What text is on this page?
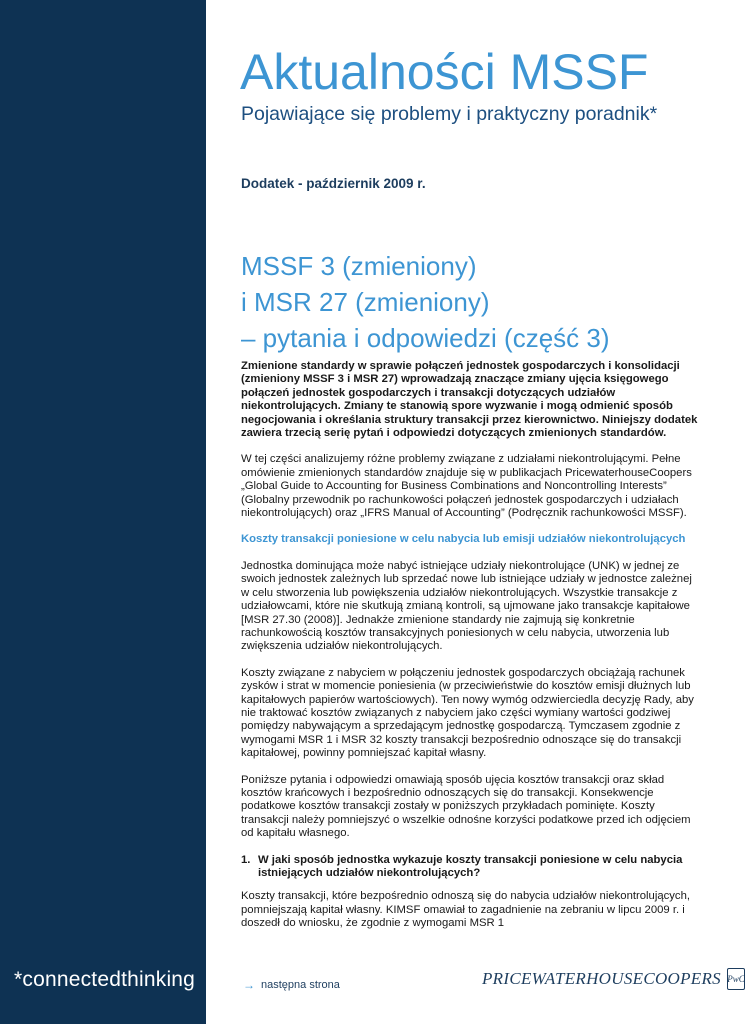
*connectedthinking
Aktualności MSSF
Pojawiające się problemy i praktyczny poradnik*
Dodatek - październik 2009 r.
MSSF 3 (zmieniony)
i MSR 27 (zmieniony)
– pytania i odpowiedzi (część 3)

Zmienione standardy w sprawie połączeń jednostek gospodarczych i konsolidacji (zmieniony MSSF 3 i MSR 27) wprowadzają znaczące zmiany ujęcia księgowego połączeń jednostek gospodarczych i transakcji dotyczących udziałów niekontrolujących. Zmiany te stanowią spore wyzwanie i mogą odmienić sposób negocjowania i określania struktury transakcji przez kierownictwo. Niniejszy dodatek zawiera trzecią serię pytań i odpowiedzi dotyczących zmienionych standardów.

W tej części analizujemy różne problemy związane z udziałami niekontrolującymi. Pełne omówienie zmienionych standardów znajduje się w publikacjach PricewaterhouseCoopers „Global Guide to Accounting for Business Combinations and Noncontrolling Interests” (Globalny przewodnik po rachunkowości połączeń jednostek gospodarczych i udziałach niekontrolujących) oraz „IFRS Manual of Accounting” (Podręcznik rachunkowości MSSF).

Koszty transakcji poniesione w celu nabycia lub emisji udziałów niekontrolujących

Jednostka dominująca może nabyć istniejące udziały niekontrolujące (UNK) w jednej ze swoich jednostek zależnych lub sprzedać nowe lub istniejące udziały w jednostce zależnej w celu stworzenia lub powiększenia udziałów niekontrolujących. Wszystkie transakcje z udziałowcami, które nie skutkują zmianą kontroli, są ujmowane jako transakcje kapitałowe [MSR 27.30 (2008)]. Jednakże zmienione standardy nie zajmują się konkretnie rachunkowością kosztów transakcyjnych poniesionych w celu nabycia, utworzenia lub zwiększenia udziałów niekontrolujących.

Koszty związane z nabyciem w połączeniu jednostek gospodarczych obciążają rachunek zysków i strat w momencie poniesienia (w przeciwieństwie do kosztów emisji dłużnych lub kapitałowych papierów wartościowych). Ten nowy wymóg odzwierciedla decyzję Rady, aby nie traktować kosztów związanych z nabyciem jako części wymiany wartości godziwej pomiędzy nabywającym a sprzedającym jednostkę gospodarczą. Tymczasem zgodnie z wymogami MSR 1 i MSR 32 koszty transakcji bezpośrednio odnoszące się do transakcji kapitałowej, powinny pomniejszać kapitał własny.

Poniższe pytania i odpowiedzi omawiają sposób ujęcia kosztów transakcji oraz skład kosztów krańcowych i bezpośrednio odnoszących się do transakcji. Konsekwencje podatkowe kosztów transakcji zostały w poniższych przykładach pominięte. Koszty transakcji należy pomniejszyć o wszelkie odnośne korzyści podatkowe przed ich odjęciem od kapitału własnego.

1. W jaki sposób jednostka wykazuje koszty transakcji poniesione w celu nabycia istniejących udziałów niekontrolujących?

Koszty transakcji, które bezpośrednio odnoszą się do nabycia udziałów niekontrolujących, pomniejszają kapitał własny. KIMSF omawiał to zagadnienie na zebraniu w lipcu 2009 r. i doszedł do wniosku, że zgodnie z wymogami MSR 1

→ następna strona	PRICEWATERHOUSECOOPERS PwC
